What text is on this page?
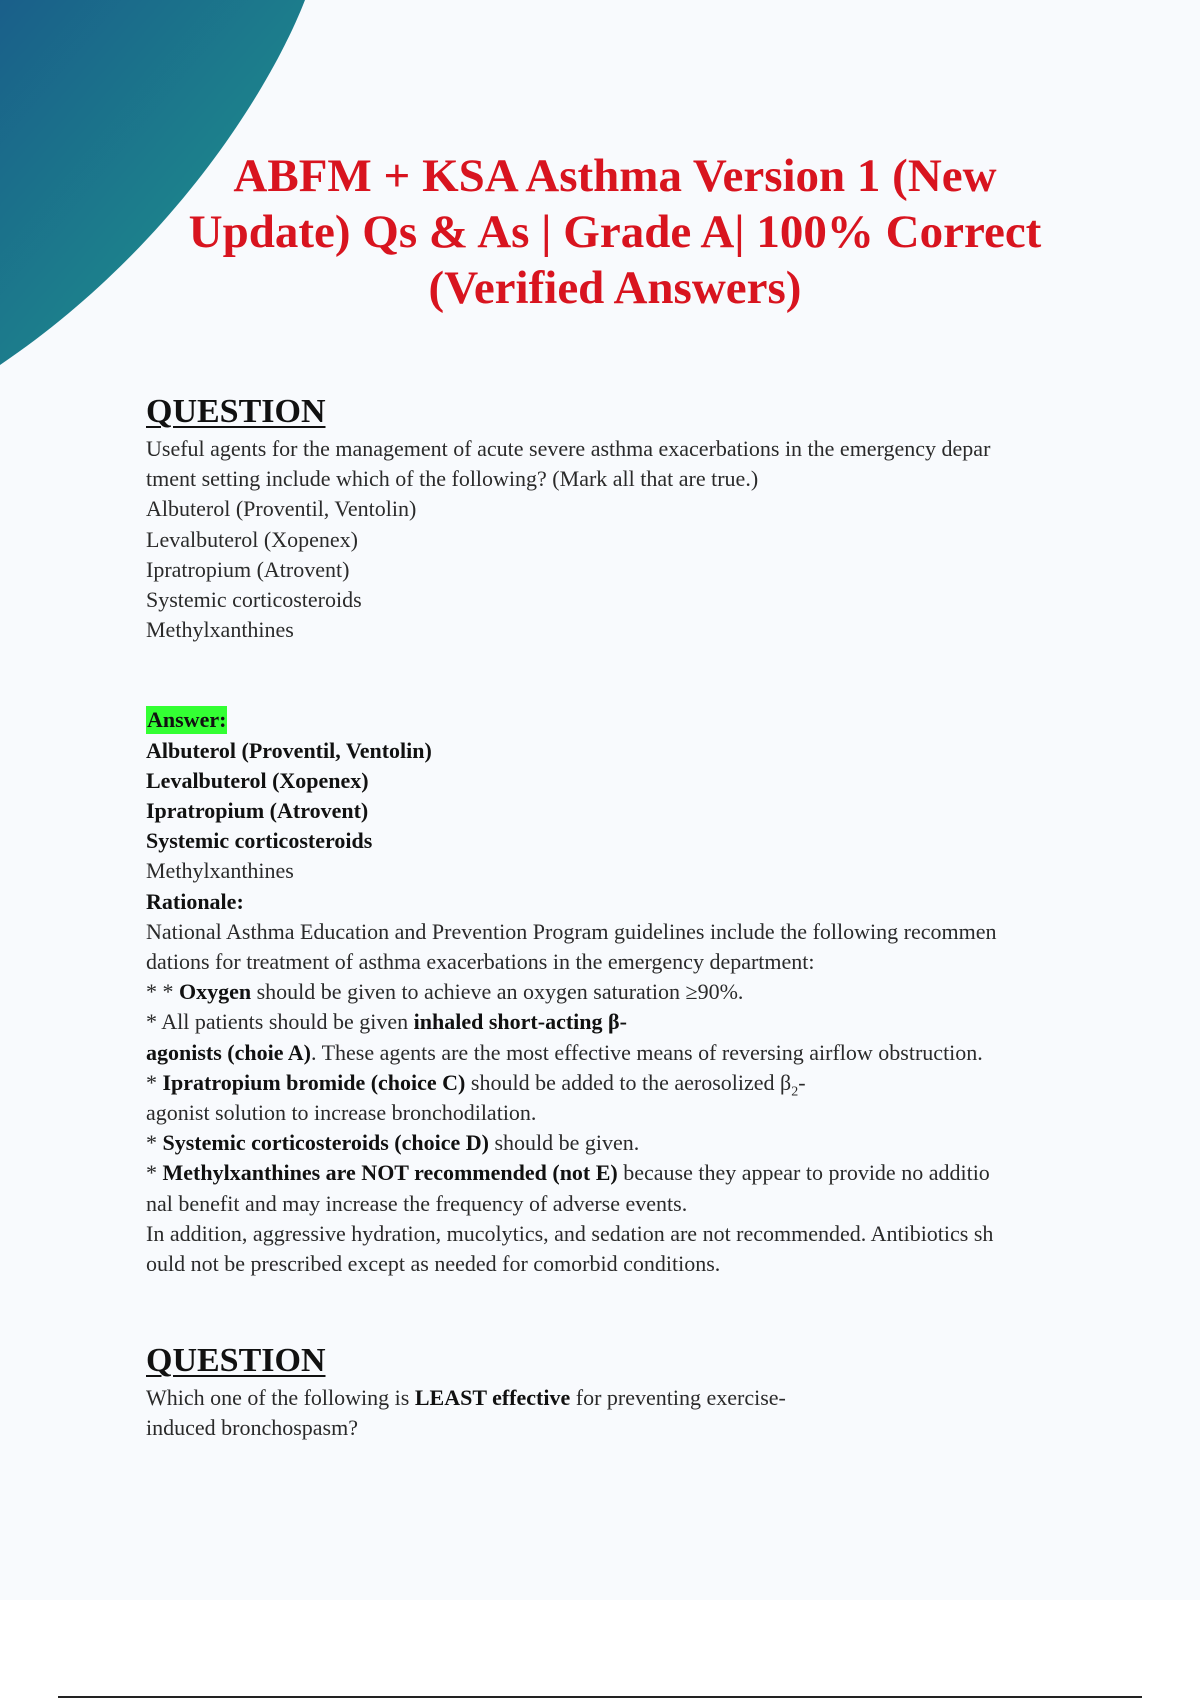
ABFM + KSA Asthma Version 1 (New Update) Qs & As | Grade A| 100% Correct (Verified Answers)

QUESTION

Useful agents for the management of acute severe asthma exacerbations in the emergency depar

tment setting include which of the following? (Mark all that are true.)

Albuterol (Proventil, Ventolin)

Levalbuterol (Xopenex)

Ipratropium (Atrovent)

Systemic corticosteroids

Methylxanthines

Answer:

Albuterol (Proventil, Ventolin)

Levalbuterol (Xopenex)

Ipratropium (Atrovent)

Systemic corticosteroids

Methylxanthines

Rationale:

National Asthma Education and Prevention Program guidelines include the following recommen

dations for treatment of asthma exacerbations in the emergency department:

* * Oxygen should be given to achieve an oxygen saturation ≥90%.

* All patients should be given inhaled short-acting β-

agonists (choie A). These agents are the most effective means of reversing airflow obstruction.

* Ipratropium bromide (choice C) should be added to the aerosolized $\beta_2-$

agonist solution to increase bronchodilation.

* Systemic corticosteroids (choice D) should be given.

* Methylxanthines are NOT recommended (not E) because they appear to provide no additio

nal benefit and may increase the frequency of adverse events.

In addition, aggressive hydration, mucolytics, and sedation are not recommended. Antibiotics sh

ould not be prescribed except as needed for comorbid conditions.

QUESTION

Which one of the following is LEAST effective for preventing exercise-

induced bronchospasm?
